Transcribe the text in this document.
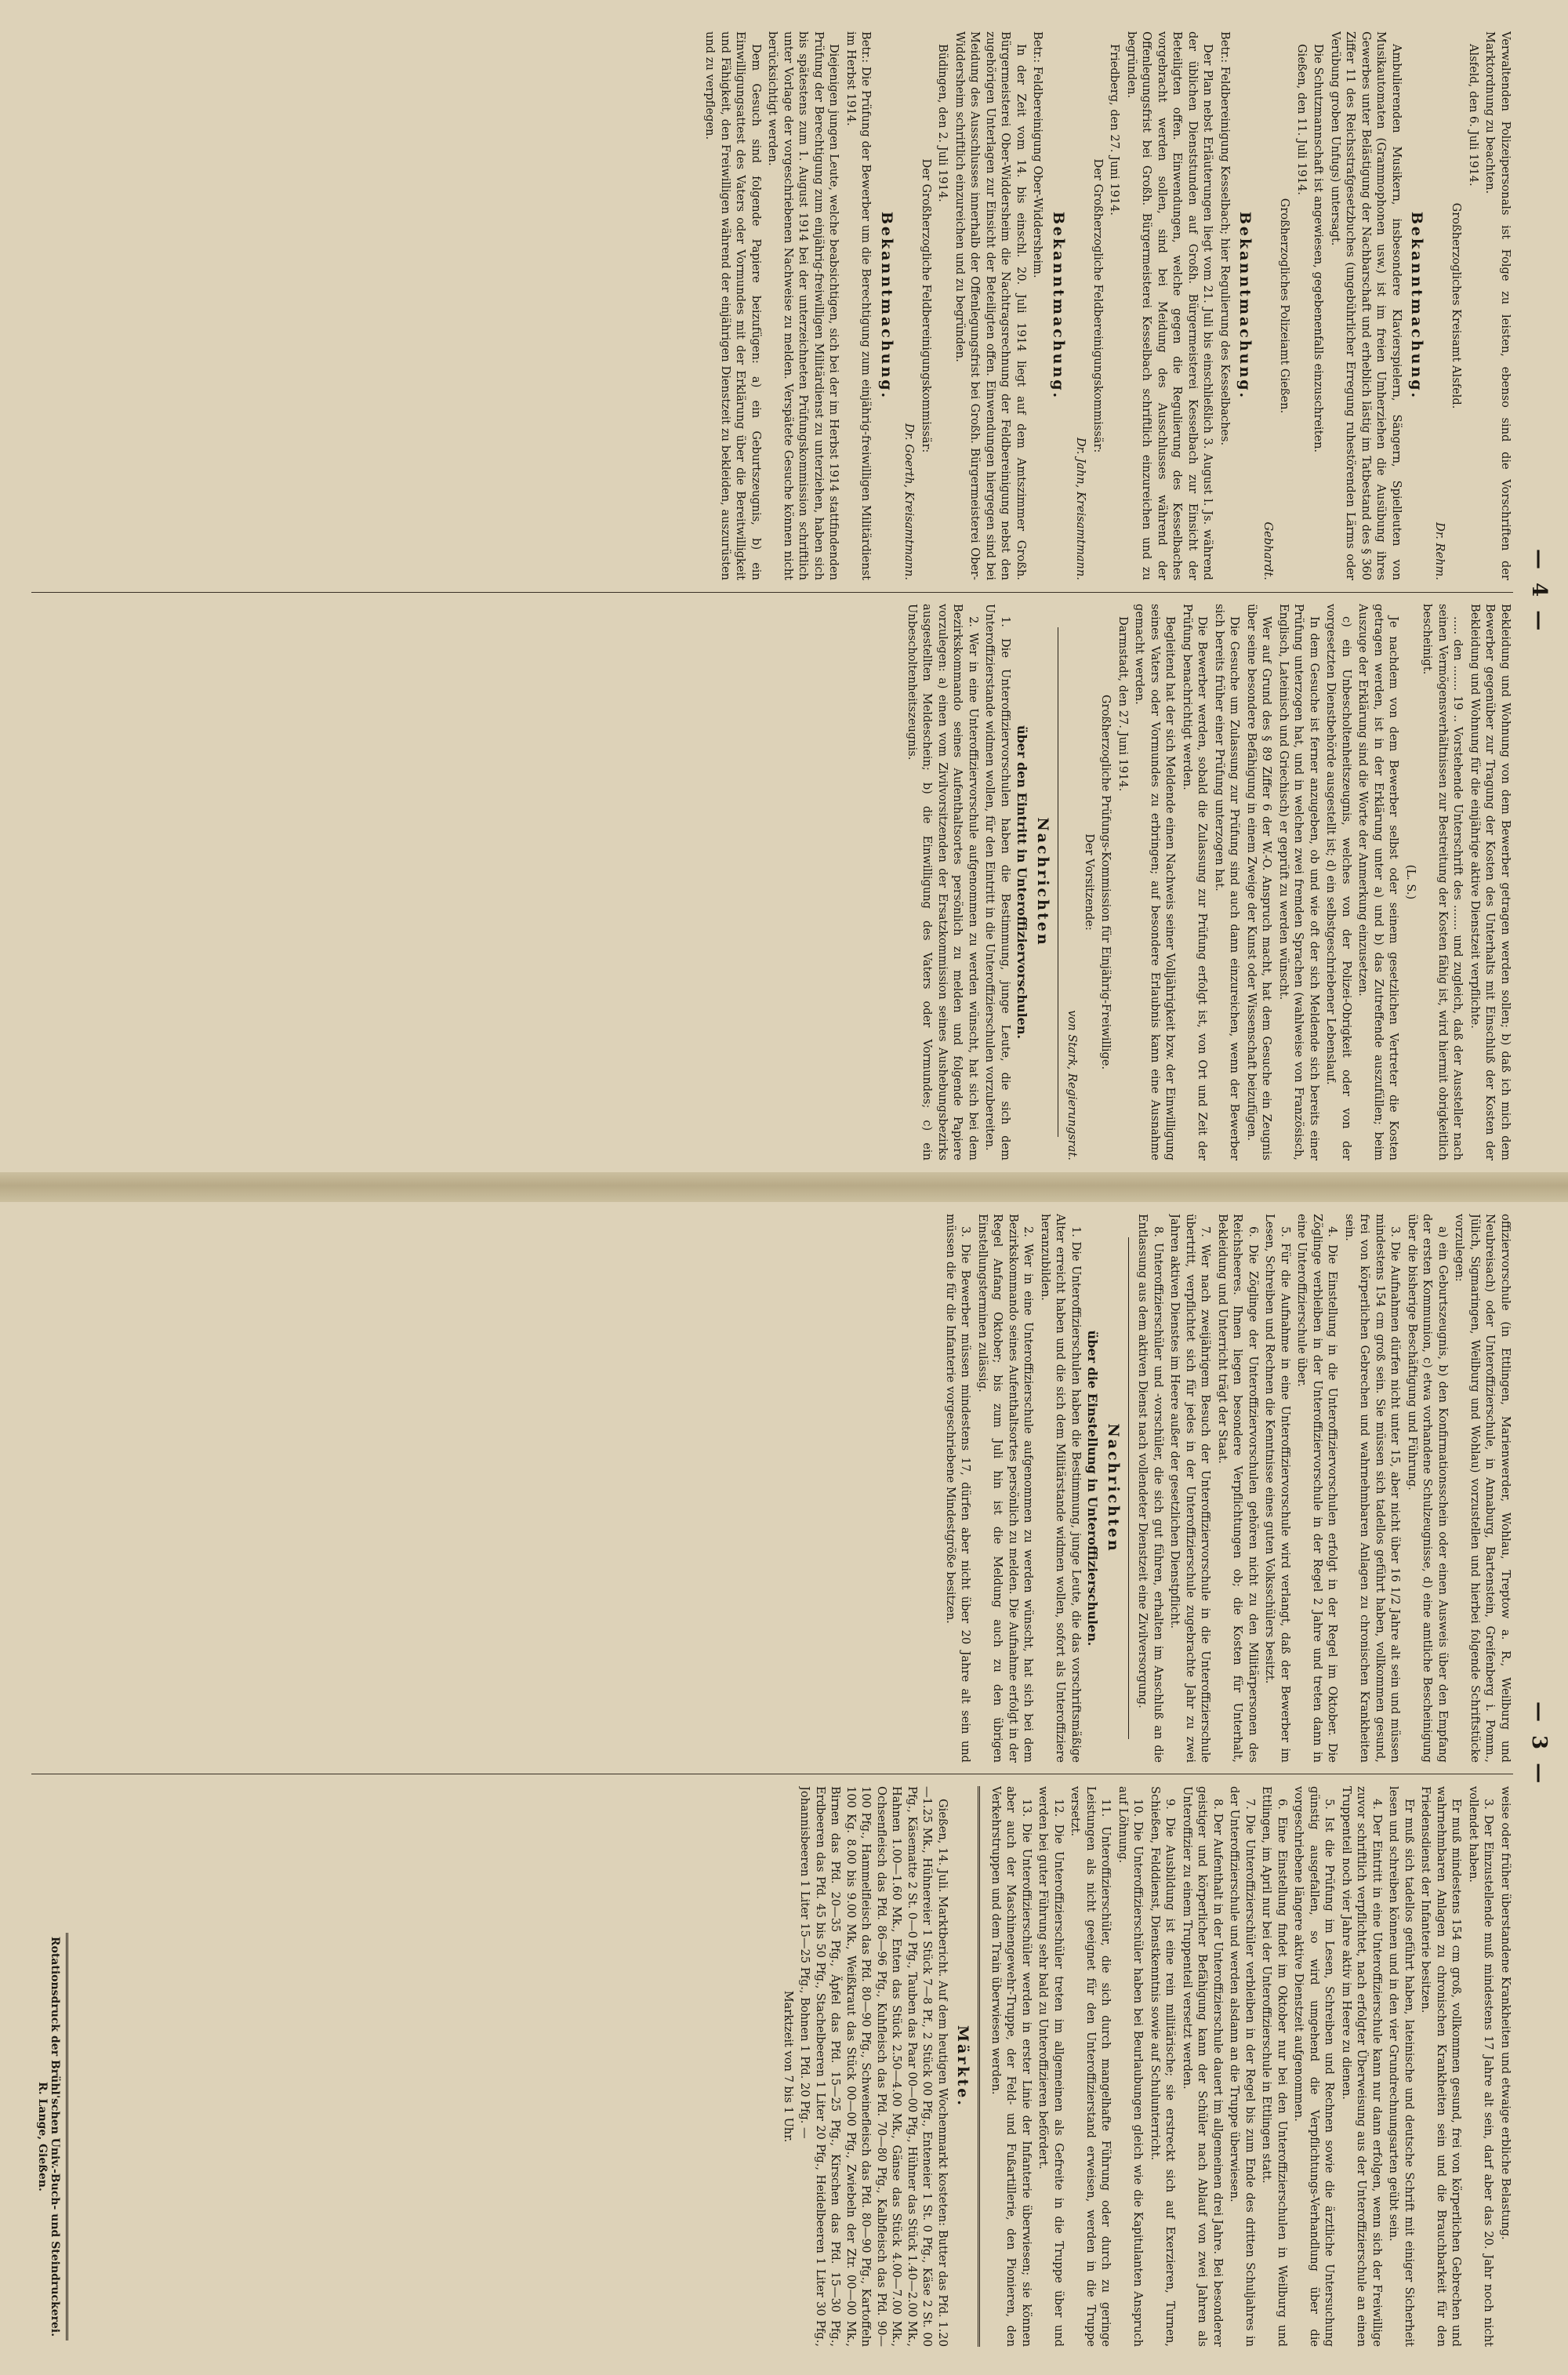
— 4 —
— 3 —

Verwaltenden Polizeipersonals ist Folge zu leisten, ebenso sind die Vorschriften der Marktordnung zu beachten.

Alsfeld, den 6. Juli 1914.

Großherzogliches Kreisamt Alsfeld.

Dr. Rehm.
Bekanntmachung.

Ambulierenden Musikern, insbesondere Klavierspielern, Sängern, Spielleuten von Musikautomaten (Grammophonen usw.) ist im freien Umherziehen die Ausübung ihres Gewerbes unter Belästigung der Nachbarschaft und erheblich lästig im Tatbestand des § 360 Ziffer 11 des Reichsstrafgesetzbuches (ungebührlicher Erregung ruhestörenden Lärms oder Verübung groben Unfugs) untersagt.

Die Schutzmannschaft ist angewiesen, gegebenenfalls einzuschreiten.

Gießen, den 11. Juli 1914.

Großherzogliches Polizeiamt Gießen.

Gebhardt.
Bekanntmachung.

Betr.: Feldbereinigung Kesselbach; hier Regulierung des Kesselbaches.

Der Plan nebst Erläuterungen liegt vom 21. Juli bis einschließlich 3. August l. Js. während der üblichen Dienststunden auf Großh. Bürgermeisterei Kesselbach zur Einsicht der Beteiligten offen. Einwendungen, welche gegen die Regulierung des Kesselbaches vorgebracht werden sollen, sind bei Meidung des Ausschlusses während der Offenlegungsfrist bei Großh. Bürgermeisterei Kesselbach schriftlich einzureichen und zu begründen.

Friedberg, den 27. Juni 1914.

Der Großherzogliche Feldbereinigungskommissär:

Dr. Jahn, Kreisamtmann.
Bekanntmachung.

Betr.: Feldbereinigung Ober-Widdersheim.

In der Zeit vom 14. bis einschl. 20. Juli 1914 liegt auf dem Amtszimmer Großh. Bürgermeisterei Ober-Widdersheim die Nachtragsrechnung der Feldbereinigung nebst den zugehörigen Unterlagen zur Einsicht der Beteiligten offen. Einwendungen hiergegen sind bei Meidung des Ausschlusses innerhalb der Offenlegungsfrist bei Großh. Bürgermeisterei Ober-Widdersheim schriftlich einzureichen und zu begründen.

Büdingen, den 2. Juli 1914.

Der Großherzogliche Feldbereinigungskommissär:

Dr. Goerth, Kreisamtmann.
Bekanntmachung.

Betr.: Die Prüfung der Bewerber um die Berechtigung zum einjährig-freiwilligen Militärdienst im Herbst 1914.

Diejenigen jungen Leute, welche beabsichtigen, sich bei der im Herbst 1914 stattfindenden Prüfung der Berechtigung zum einjährig-freiwilligen Militärdienst zu unterziehen, haben sich bis spätestens zum 1. August 1914 bei der unterzeichneten Prüfungskommission schriftlich unter Vorlage der vorgeschriebenen Nachweise zu melden. Verspätete Gesuche können nicht berücksichtigt werden.

Dem Gesuch sind folgende Papiere beizufügen: a) ein Geburtszeugnis, b) ein Einwilligungsattest des Vaters oder Vormundes mit der Erklärung über die Bereitwilligkeit und Fähigkeit, den Freiwilligen während der einjährigen Dienstzeit zu bekleiden, auszurüsten und zu verpflegen.

Bekleidung und Wohnung von dem Bewerber getragen werden sollen; b) daß ich mich dem Bewerber gegenüber zur Tragung der Kosten des Unterhalts mit Einschluß der Kosten der Bekleidung und Wohnung für die einjährige aktive Dienstzeit verpflichte.

..... den ....... 19 .. Vorstehende Unterschrift des ....... und zugleich, daß der Aussteller nach seinen Vermögensverhältnissen zur Bestreitung der Kosten fähig ist, wird hiermit obrigkeitlich bescheinigt.

(L. S.)

Je nachdem von dem Bewerber selbst oder seinem gesetzlichen Vertreter die Kosten getragen werden, ist in der Erklärung unter a) und b) das Zutreffende auszufüllen; beim Auszuge der Erklärung sind die Worte der Anmerkung einzusetzen.

c) ein Unbescholtenheitszeugnis, welches von der Polizei-Obrigkeit oder von der vorgesetzten Dienstbehörde ausgestellt ist; d) ein selbstgeschriebener Lebenslauf.

In dem Gesuche ist ferner anzugeben, ob und wie oft der sich Meldende sich bereits einer Prüfung unterzogen hat, und in welchen zwei fremden Sprachen (wahlweise von Französisch, Englisch, Lateinisch und Griechisch) er geprüft zu werden wünscht.

Wer auf Grund des § 89 Ziffer 6 der W.-O. Anspruch macht, hat dem Gesuche ein Zeugnis über seine besondere Befähigung in einem Zweige der Kunst oder Wissenschaft beizufügen.

Die Gesuche um Zulassung zur Prüfung sind auch dann einzureichen, wenn der Bewerber sich bereits früher einer Prüfung unterzogen hat.

Die Bewerber werden, sobald die Zulassung zur Prüfung erfolgt ist, von Ort und Zeit der Prüfung benachrichtigt werden.

Begleitend hat der sich Meldende einen Nachweis seiner Volljährigkeit bzw. der Einwilligung seines Vaters oder Vormundes zu erbringen; auf besondere Erlaubnis kann eine Ausnahme gemacht werden.

Darmstadt, den 27. Juni 1914.

Großherzogliche Prüfungs-Kommission für Einjährig-Freiwillige.

Der Vorsitzende:

von Stark, Regierungsrat.
Nachrichten
über den Eintritt in Unteroffiziervorschulen.

1. Die Unteroffiziervorschulen haben die Bestimmung, junge Leute, die sich dem Unteroffizierstande widmen wollen, für den Eintritt in die Unteroffizierschulen vorzubereiten.

2. Wer in eine Unteroffiziervorschule aufgenommen zu werden wünscht, hat sich bei dem Bezirkskommando seines Aufenthaltsortes persönlich zu melden und folgende Papiere vorzulegen: a) einen vom Zivilvorsitzenden der Ersatzkommission seines Aushebungsbezirks ausgestellten Meldeschein; b) die Einwilligung des Vaters oder Vormundes; c) ein Unbescholtenheitszeugnis.

offiziervorschule (in Ettlingen, Marienwerder, Wohlau, Treptow a. R., Weilburg und Neubreisach) oder Unteroffizierschule, in Annaburg, Bartenstein, Greifenberg i. Pomm., Jülich, Sigmaringen, Weilburg und Wohlau) vorzustellen und hierbei folgende Schriftstücke vorzulegen:

a) ein Geburtszeugnis, b) den Konfirmationsschein oder einen Ausweis über den Empfang der ersten Kommunion, c) etwa vorhandene Schulzeugnisse, d) eine amtliche Bescheinigung über die bisherige Beschäftigung und Führung.

3. Die Aufnahmen dürfen nicht unter 15, aber nicht über 16 1/2 Jahre alt sein und müssen mindestens 154 cm groß sein. Sie müssen sich tadellos geführt haben, vollkommen gesund, frei von körperlichen Gebrechen und wahrnehmbaren Anlagen zu chronischen Krankheiten sein.

4. Die Einstellung in die Unteroffiziervorschulen erfolgt in der Regel im Oktober. Die Zöglinge verbleiben in der Unteroffiziervorschule in der Regel 2 Jahre und treten dann in eine Unteroffizierschule über.

5. Für die Aufnahme in eine Unteroffiziervorschule wird verlangt, daß der Bewerber im Lesen, Schreiben und Rechnen die Kenntnisse eines guten Volksschülers besitzt.

6. Die Zöglinge der Unteroffiziervorschulen gehören nicht zu den Militärpersonen des Reichsheeres. Ihnen liegen besondere Verpflichtungen ob; die Kosten für Unterhalt, Bekleidung und Unterricht trägt der Staat.

7. Wer nach zweijährigem Besuch der Unteroffiziervorschule in die Unteroffizierschule übertritt, verpflichtet sich für jedes in der Unteroffizierschule zugebrachte Jahr zu zwei Jahren aktiven Dienstes im Heere außer der gesetzlichen Dienstpflicht.

8. Unteroffizierschüler und -vorschüler, die sich gut führen, erhalten im Anschluß an die Entlassung aus dem aktiven Dienst nach vollendeter Dienstzeit eine Zivilversorgung.

Nachrichten
über die Einstellung in Unteroffizierschulen.

1. Die Unteroffizierschulen haben die Bestimmung, junge Leute, die das vorschriftsmäßige Alter erreicht haben und die sich dem Militärstande widmen wollen, sofort als Unteroffiziere heranzubilden.

2. Wer in eine Unteroffizierschule aufgenommen zu werden wünscht, hat sich bei dem Bezirkskommando seines Aufenthaltsortes persönlich zu melden. Die Aufnahme erfolgt in der Regel Anfang Oktober; bis zum Juli hin ist die Meldung auch zu den übrigen Einstellungsterminen zulässig.

3. Die Bewerber müssen mindestens 17, dürfen aber nicht über 20 Jahre alt sein und müssen die für die Infanterie vorgeschriebene Mindestgröße besitzen.

weise oder früher überstandene Krankheiten und etwaige erbliche Belastung.

3. Der Einzustellende muß mindestens 17 Jahre alt sein, darf aber das 20. Jahr noch nicht vollendet haben.

Er muß mindestens 154 cm groß, vollkommen gesund, frei von körperlichen Gebrechen und wahrnehmbaren Anlagen zu chronischen Krankheiten sein und die Brauchbarkeit für den Friedensdienst der Infanterie besitzen.

Er muß sich tadellos geführt haben, lateinische und deutsche Schrift mit einiger Sicherheit lesen und schreiben können und in den vier Grundrechnungsarten geübt sein.

4. Der Eintritt in eine Unteroffizierschule kann nur dann erfolgen, wenn sich der Freiwillige zuvor schriftlich verpflichtet, nach erfolgter Überweisung aus der Unteroffizierschule an einen Truppenteil noch vier Jahre aktiv im Heere zu dienen.

5. Ist die Prüfung im Lesen, Schreiben und Rechnen sowie die ärztliche Untersuchung günstig ausgefallen, so wird umgehend die Verpflichtungs-Verhandlung über die vorgeschriebene längere aktive Dienstzeit aufgenommen.

6. Eine Einstellung findet im Oktober nur bei den Unteroffizierschulen in Weilburg und Ettlingen, im April nur bei der Unteroffizierschule in Ettlingen statt.

7. Die Unteroffizierschüler verbleiben in der Regel bis zum Ende des dritten Schuljahres in der Unteroffizierschule und werden alsdann an die Truppe überwiesen.

8. Der Aufenthalt in der Unteroffizierschule dauert im allgemeinen drei Jahre. Bei besonderer geistiger und körperlicher Befähigung kann der Schüler nach Ablauf von zwei Jahren als Unteroffizier zu einem Truppenteil versetzt werden.

9. Die Ausbildung ist eine rein militärische; sie erstreckt sich auf Exerzieren, Turnen, Schießen, Felddienst, Dienstkenntnis sowie auf Schulunterricht.

10. Die Unteroffizierschüler haben bei Beurlaubungen gleich wie die Kapitulanten Anspruch auf Löhnung.

11. Unteroffizierschüler, die sich durch mangelhafte Führung oder durch zu geringe Leistungen als nicht geeignet für den Unteroffizierstand erweisen, werden in die Truppe versetzt.

12. Die Unteroffizierschüler treten im allgemeinen als Gefreite in die Truppe über und werden bei guter Führung sehr bald zu Unteroffizieren befördert.

13. Die Unteroffizierschüler werden in erster Linie der Infanterie überwiesen; sie können aber auch der Maschinengewehr-Truppe, der Feld- und Fußartillerie, den Pionieren, den Verkehrstruppen und dem Train überwiesen werden.

Märkte.

Gießen, 14. Juli. Marktbericht. Auf dem heutigen Wochenmarkt kosteten: Butter das Pfd. 1.20—1.25 Mk., Hühnereier 1 Stück 7—8 Pf., 2 Stück 00 Pfg., Enteneier 1 St. 0 Pfg., Käse 2 St. 00 Pfg., Käsematte 2 St. 0—0 Pfg., Tauben das Paar 00—00 Pfg., Hühner das Stück 1.40—2.00 Mk., Hahnen 1.00—1.60 Mk., Enten das Stück 2.50—4.00 Mk., Gänse das Stück 4.00—7.00 Mk., Ochsenfleisch das Pfd. 86—96 Pfg., Kuhfleisch das Pfd. 70—80 Pfg., Kalbfleisch das Pfd. 90—100 Pfg., Hammelfleisch das Pfd. 80—90 Pfg., Schweinefleisch das Pfd. 80—90 Pfg., Kartoffeln 100 Kg. 8.00 bis 9.00 Mk., Weißkraut das Stück 00—00 Pfg., Zwiebeln der Ztr. 00—00 Mk., Birnen das Pfd. 20—35 Pfg., Äpfel das Pfd. 15—25 Pfg., Kirschen das Pfd. 15—30 Pfg., Erdbeeren das Pfd. 45 bis 50 Pfg., Stachelbeeren 1 Liter 20 Pfg., Heidelbeeren 1 Liter 30 Pfg., Johannisbeeren 1 Liter 15—25 Pfg., Bohnen 1 Pfd. 20 Pfg. —

Marktzeit von 7 bis 1 Uhr.

Rotationsdruck der Brühl'schen Univ.-Buch- und Steindruckerei. R. Lange, Gießen.
